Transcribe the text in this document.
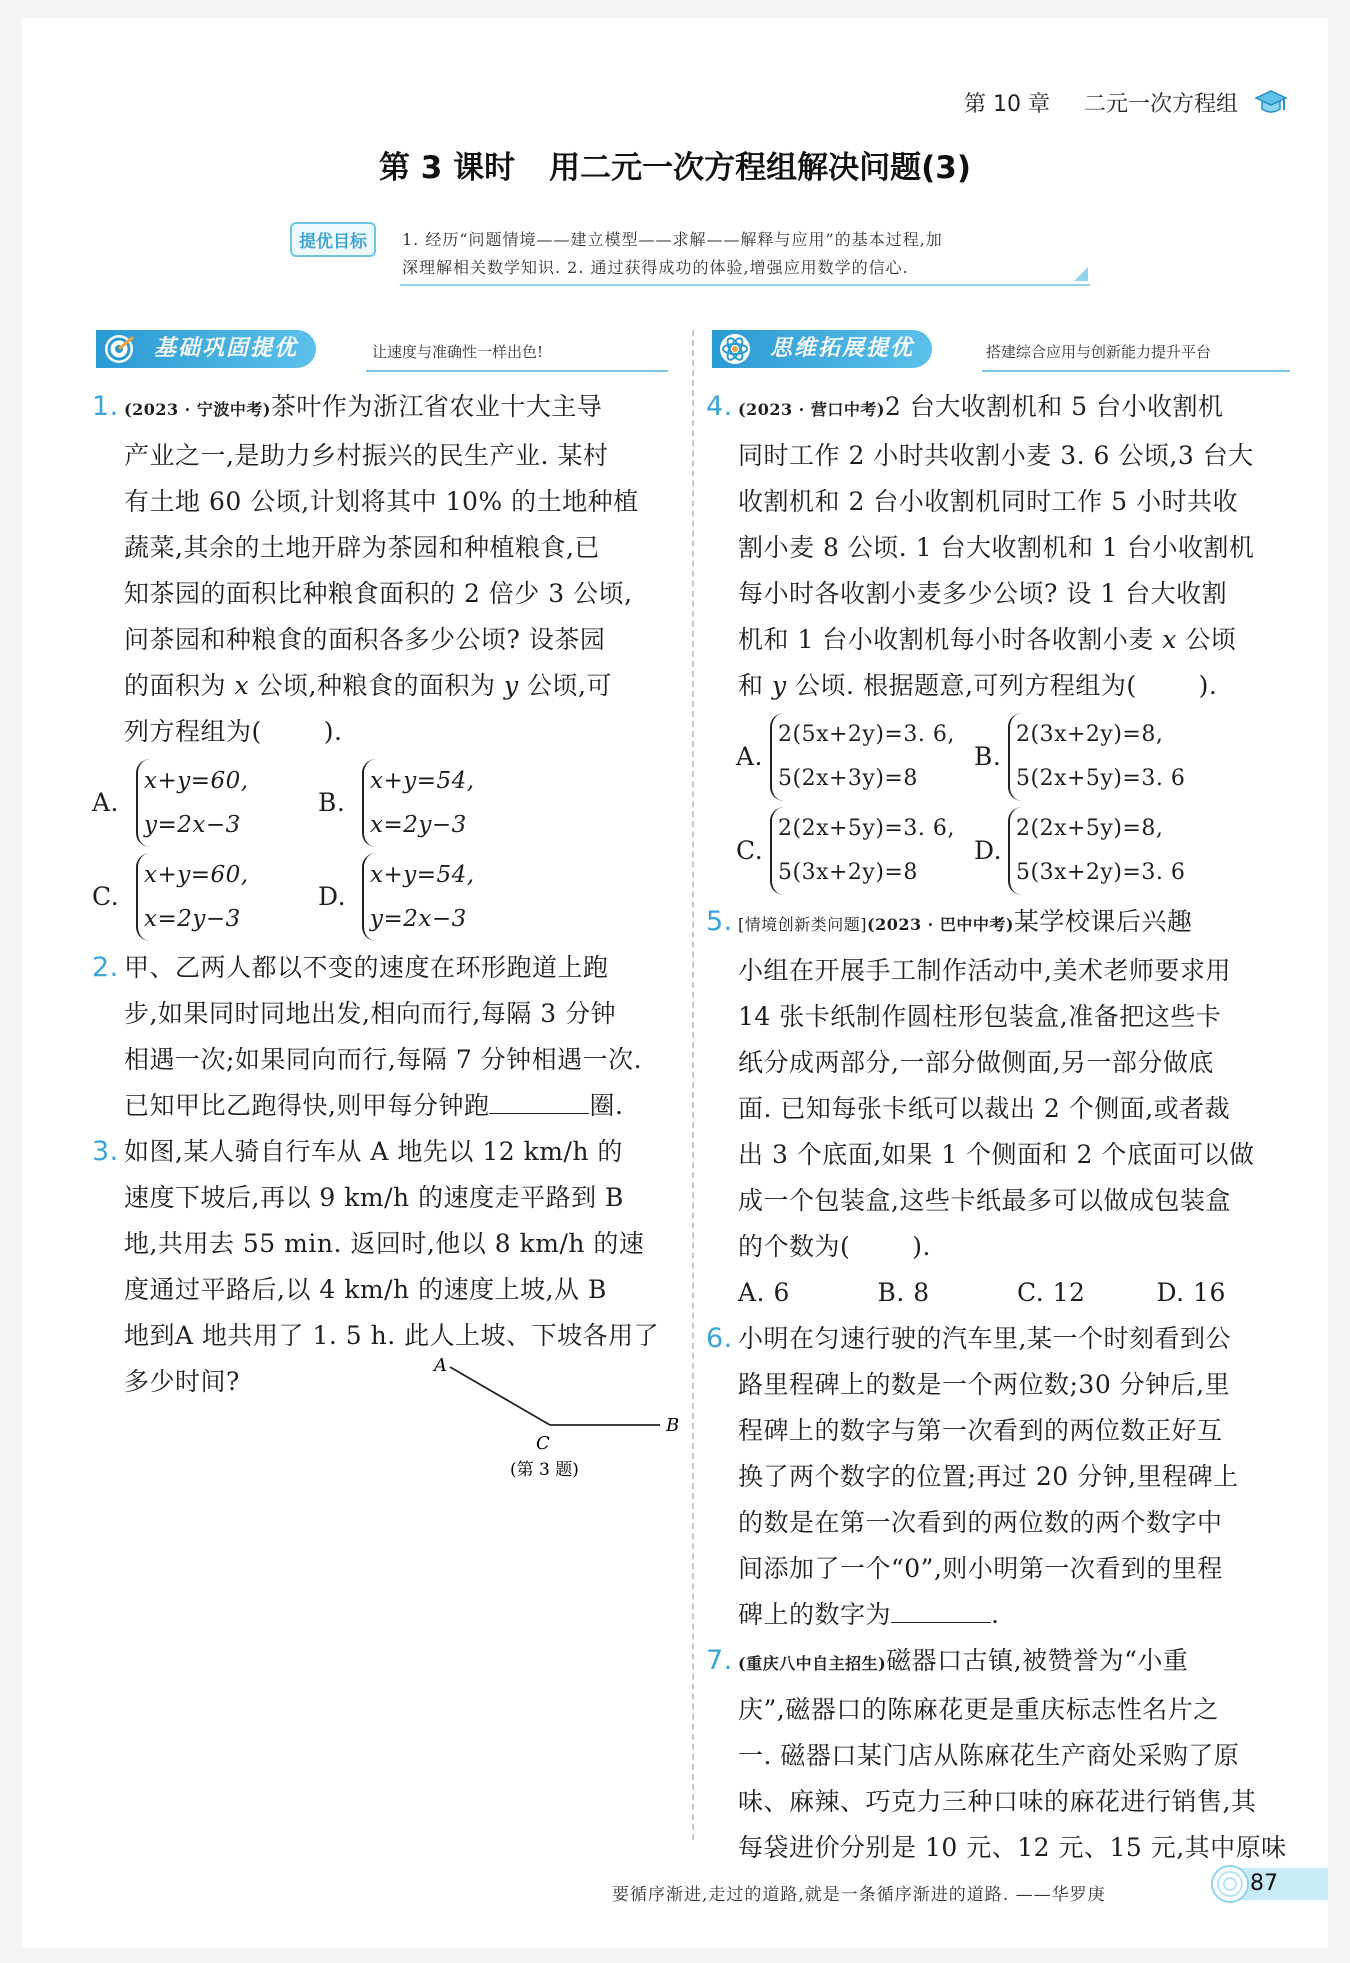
第 10 章 二元一次方程组
第 3 课时 用二元一次方程组解决问题(3)
提优目标	1. 经历“问题情境——建立模型——求解——解释与应用”的基本过程,加
深理解相关数学知识. 2. 通过获得成功的体验,增强应用数学的信心.
基础巩固提优	让速度与准确性一样出色!	思维拓展提优	搭建综合应用与创新能力提升平台
1. (2023 · 宁波中考)茶叶作为浙江省农业十大主导
产业之一,是助力乡村振兴的民生产业. 某村
有土地 60 公顷,计划将其中 10% 的土地种植
蔬菜,其余的土地开辟为茶园和种植粮食,已
知茶园的面积比种粮食面积的 2 倍少 3 公顷,
问茶园和种粮食的面积各多少公顷? 设茶园
的面积为 x 公顷,种粮食的面积为 y 公顷,可
列方程组为( ).
A.
x+y=60,
y=2x−3
B.
x+y=54,
x=2y−3
C.
x+y=60,
x=2y−3
D.
x+y=54,
y=2x−3
2. 甲、乙两人都以不变的速度在环形跑道上跑
步,如果同时同地出发,相向而行,每隔 3 分钟
相遇一次;如果同向而行,每隔 7 分钟相遇一次.
已知甲比乙跑得快,则甲每分钟跑	圈.
3. 如图,某人骑自行车从 A 地先以 12 km/h 的
速度下坡后,再以 9 km/h 的速度走平路到 B
地,共用去 55 min. 返回时,他以 8 km/h 的速
度通过平路后,以 4 km/h 的速度上坡,从 B
地到A 地共用了 1. 5 h. 此人上坡、下坡各用了
多少时间?
A
B
C
(第 3 题)
4. (2023 · 营口中考)2 台大收割机和 5 台小收割机
同时工作 2 小时共收割小麦 3. 6 公顷,3 台大
收割机和 2 台小收割机同时工作 5 小时共收
割小麦 8 公顷. 1 台大收割机和 1 台小收割机
每小时各收割小麦多少公顷? 设 1 台大收割
机和 1 台小收割机每小时各收割小麦 x 公顷
和 y 公顷. 根据题意,可列方程组为( ).
A.
2(5x+2y)=3. 6,
5(2x+3y)=8
B.
2(3x+2y)=8,
5(2x+5y)=3. 6
C.
2(2x+5y)=3. 6,
5(3x+2y)=8
D.
2(2x+5y)=8,
5(3x+2y)=3. 6
5. [情境创新类问题](2023 · 巴中中考)某学校课后兴趣
小组在开展手工制作活动中,美术老师要求用
14 张卡纸制作圆柱形包装盒,准备把这些卡
纸分成两部分,一部分做侧面,另一部分做底
面. 已知每张卡纸可以裁出 2 个侧面,或者裁
出 3 个底面,如果 1 个侧面和 2 个底面可以做
成一个包装盒,这些卡纸最多可以做成包装盒
的个数为( ).
A. 6	B. 8	C. 12	D. 16
6. 小明在匀速行驶的汽车里,某一个时刻看到公
路里程碑上的数是一个两位数;30 分钟后,里
程碑上的数字与第一次看到的两位数正好互
换了两个数字的位置;再过 20 分钟,里程碑上
的数是在第一次看到的两位数的两个数字中
间添加了一个“0”,则小明第一次看到的里程
碑上的数字为	.
7. (重庆八中自主招生)磁器口古镇,被赞誉为“小重
庆”,磁器口的陈麻花更是重庆标志性名片之
一. 磁器口某门店从陈麻花生产商处采购了原
味、麻辣、巧克力三种口味的麻花进行销售,其
每袋进价分别是 10 元、12 元、15 元,其中原味
要循序渐进,走过的道路,就是一条循序渐进的道路. ——华罗庚	87
